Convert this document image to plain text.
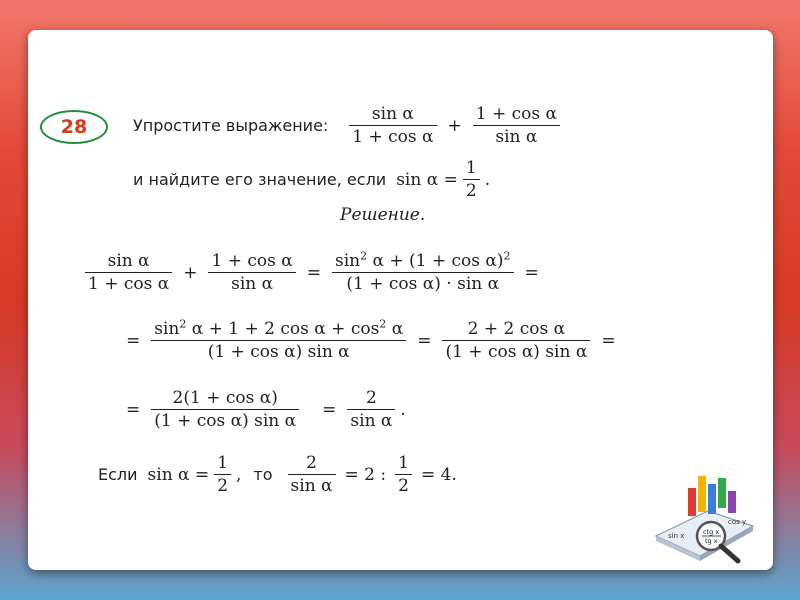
28	Упростите выражение: $\frac{\text{sin α}}{\text{1 + cos α}} + \frac{\text{1 + cos α}}{\text{sin α}}$
и найдите его значение, если $\sin \alpha = \frac{1}{2}$ .
Решение.
$\frac{\text{sin α}}{\text{1 + cos α}} + \frac{\text{1 + cos α}}{\text{sin α}} = \frac{\sin^2 \alpha + (1 + \cos \alpha)^2}{\text{(1 + cos α) · sin α}}$ =
= $\frac{\sin^2 \alpha + 1 + 2 \cos \alpha + \cos^2 \alpha}{\text{(1 + cos α) sin α}} = \frac{\text{2 + 2 cos α}}{\text{(1 + cos α) sin α}}$ =
= $\frac{\text{2(1 + cos α)}}{\text{(1 + cos α) sin α}} = \frac{2}{\text{sin α}}$ .
Если $\sin \alpha = \frac{1}{2}$ , то $\frac{2}{\text{sin α}} = 2$ : $\frac{1}{2} = 4$.
sin x
cos y
ctg x
tg x
